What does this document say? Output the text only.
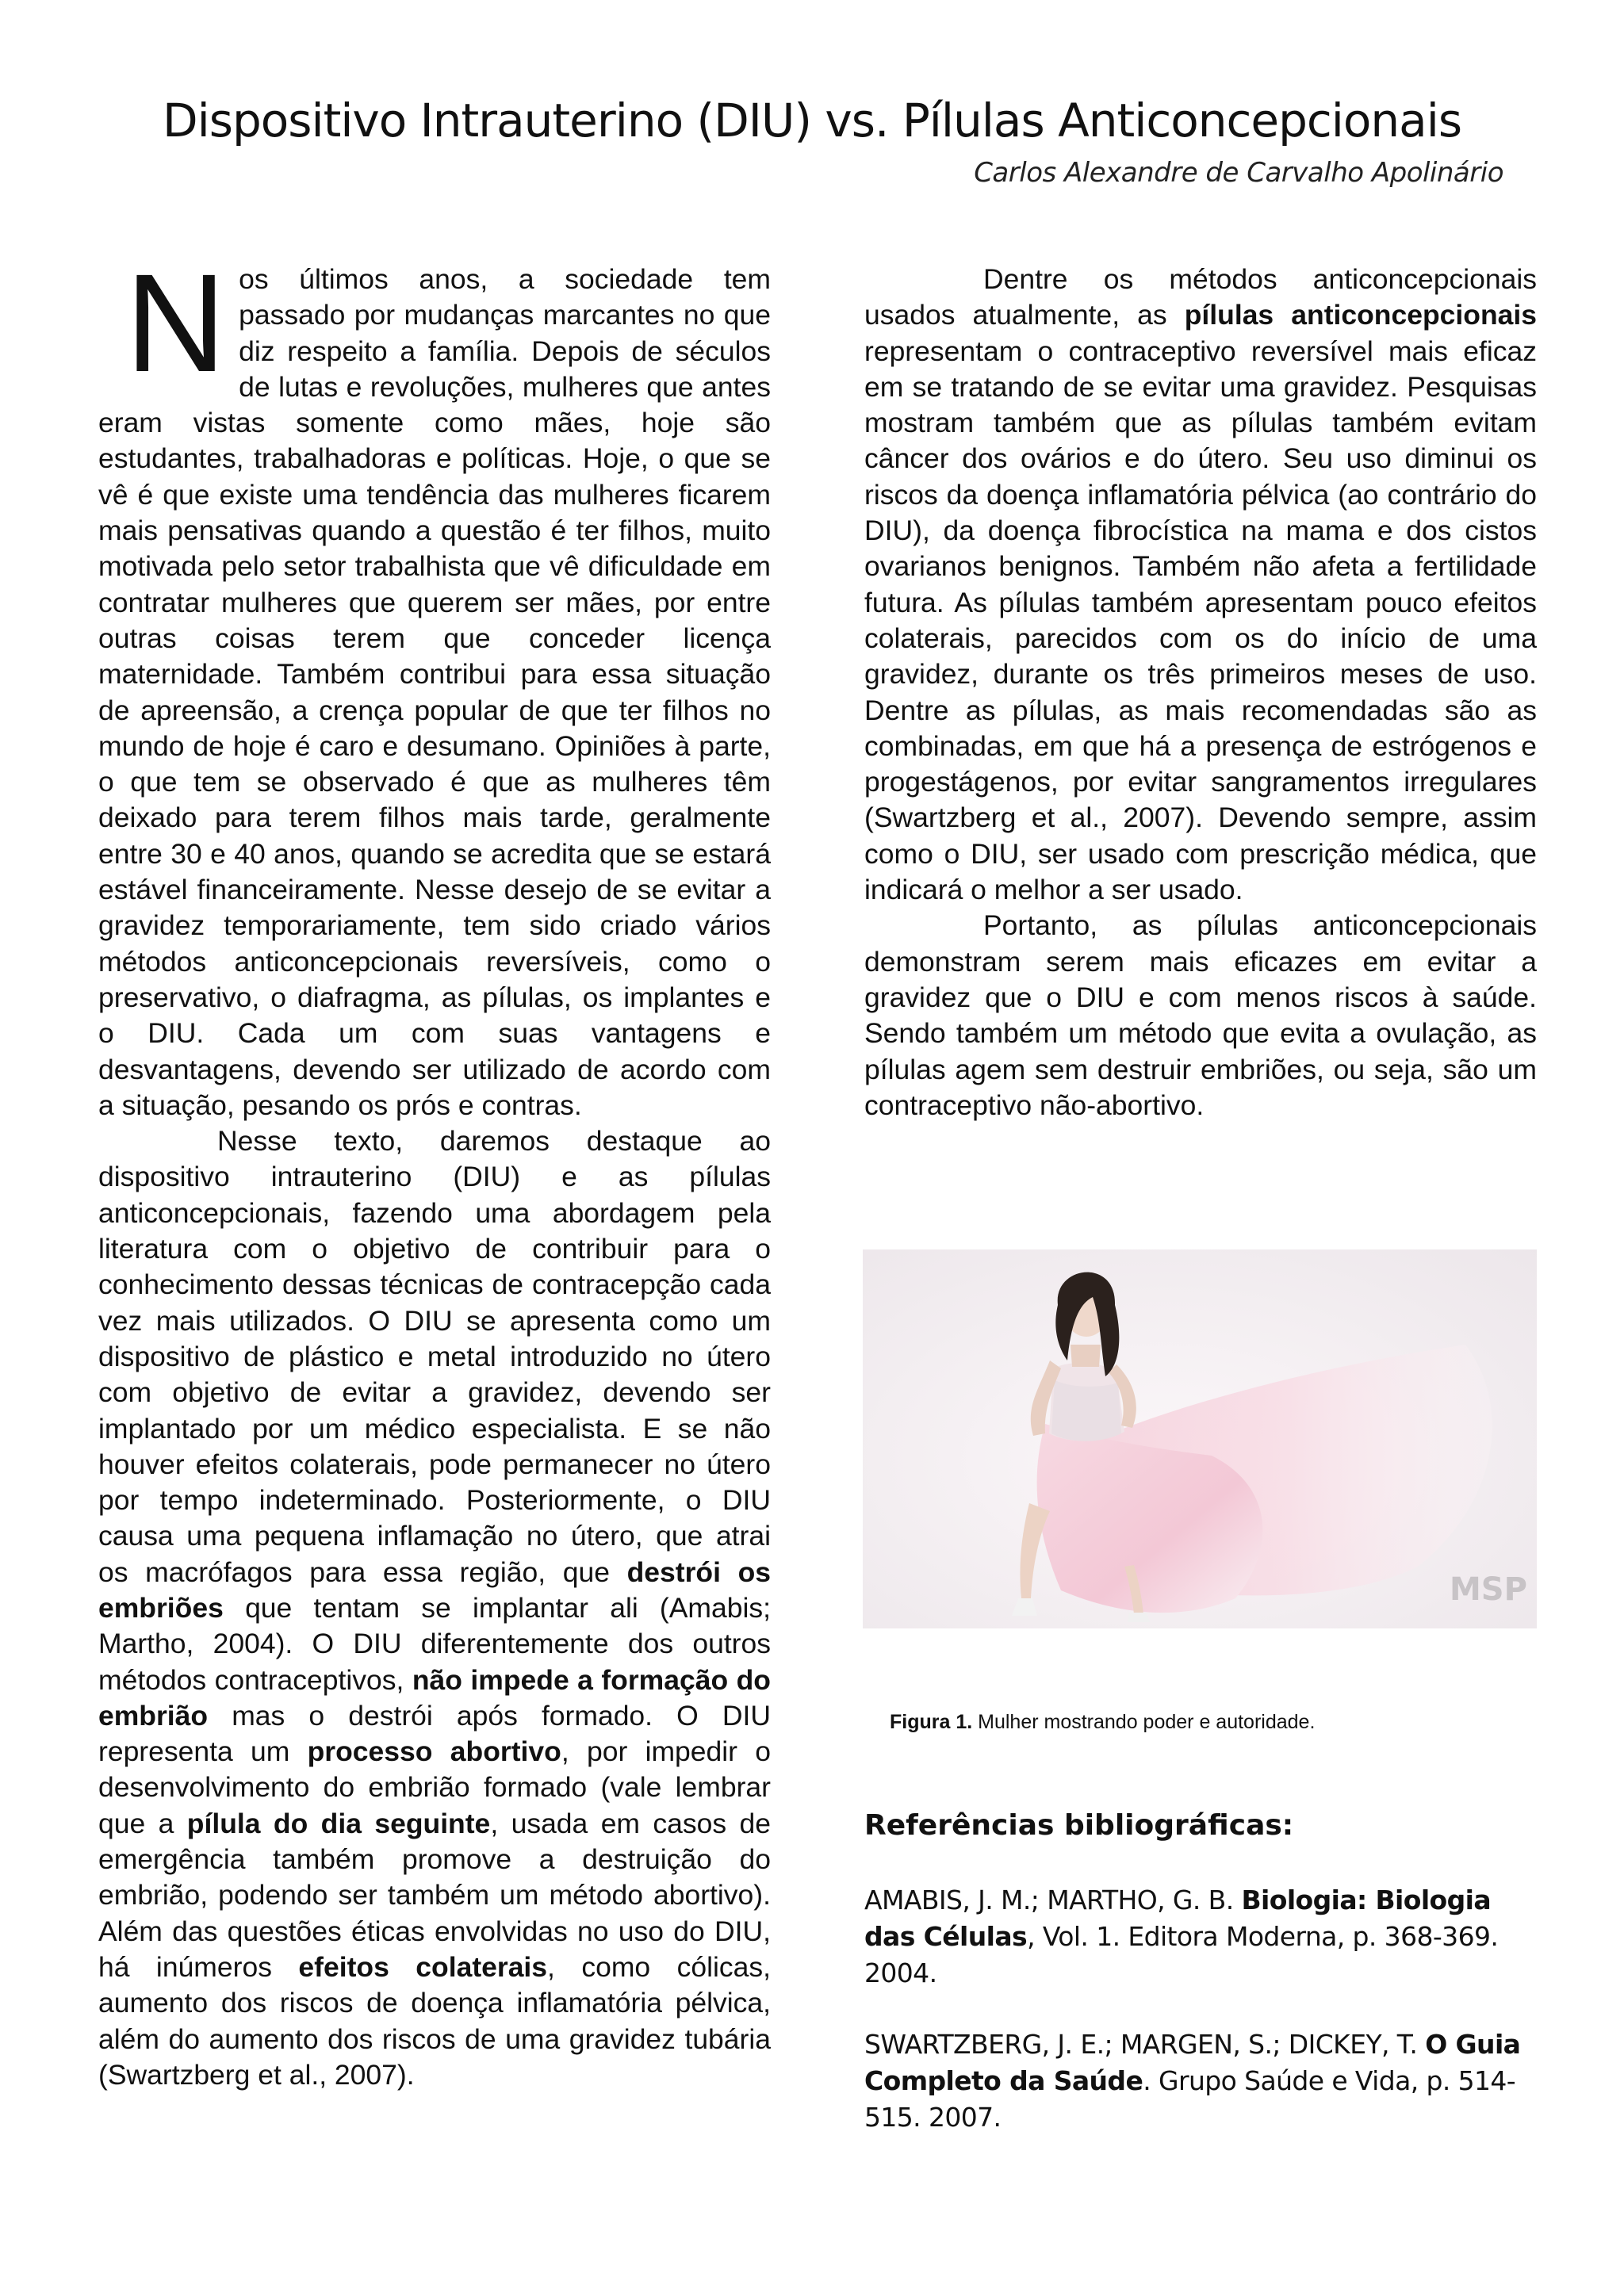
Dispositivo Intrauterino (DIU) vs. Pílulas Anticoncepcionais
Carlos Alexandre de Carvalho Apolinário

Nos últimos anos, a sociedade tem passado por mudanças marcantes no que diz respeito a família. Depois de séculos de lutas e revoluções, mulheres que antes eram vistas somente como mães, hoje são estudantes, trabalhadoras e políticas. Hoje, o que se vê é que existe uma tendência das mulheres ficarem mais pensativas quando a questão é ter filhos, muito motivada pelo setor trabalhista que vê dificuldade em contratar mulheres que querem ser mães, por entre outras coisas terem que conceder licença maternidade. Também contribui para essa situação de apreensão, a crença popular de que ter filhos no mundo de hoje é caro e desumano. Opiniões à parte, o que tem se observado é que as mulheres têm deixado para terem filhos mais tarde, geralmente entre 30 e 40 anos, quando se acredita que se estará estável financeiramente. Nesse desejo de se evitar a gravidez temporariamente, tem sido criado vários métodos anticoncepcionais reversíveis, como o preservativo, o diafragma, as pílulas, os implantes e o DIU. Cada um com suas vantagens e desvantagens, devendo ser utilizado de acordo com a situação, pesando os prós e contras.

Nesse texto, daremos destaque ao dispositivo intrauterino (DIU) e as pílulas anticoncepcionais, fazendo uma abordagem pela literatura com o objetivo de contribuir para o conhecimento dessas técnicas de contracepção cada vez mais utilizados. O DIU se apresenta como um dispositivo de plástico e metal introduzido no útero com objetivo de evitar a gravidez, devendo ser implantado por um médico especialista. E se não houver efeitos colaterais, pode permanecer no útero por tempo indeterminado. Posteriormente, o DIU causa uma pequena inflamação no útero, que atrai os macrófagos para essa região, que destrói os embriões que tentam se implantar ali (Amabis; Martho, 2004). O DIU diferentemente dos outros métodos contraceptivos, não impede a formação do embrião mas o destrói após formado. O DIU representa um processo abortivo, por impedir o desenvolvimento do embrião formado (vale lembrar que a pílula do dia seguinte, usada em casos de emergência também promove a destruição do embrião, podendo ser também um método abortivo). Além das questões éticas envolvidas no uso do DIU, há inúmeros efeitos colaterais, como cólicas, aumento dos riscos de doença inflamatória pélvica, além do aumento dos riscos de uma gravidez tubária (Swartzberg et al., 2007).

Dentre os métodos anticoncepcionais usados atualmente, as pílulas anticoncepcionais representam o contraceptivo reversível mais eficaz em se tratando de se evitar uma gravidez. Pesquisas mostram também que as pílulas também evitam câncer dos ovários e do útero. Seu uso diminui os riscos da doença inflamatória pélvica (ao contrário do DIU), da doença fibrocística na mama e dos cistos ovarianos benignos. Também não afeta a fertilidade futura. As pílulas também apresentam pouco efeitos colaterais, parecidos com os do início de uma gravidez, durante os três primeiros meses de uso. Dentre as pílulas, as mais recomendadas são as combinadas, em que há a presença de estrógenos e progestágenos, por evitar sangramentos irregulares (Swartzberg et al., 2007). Devendo sempre, assim como o DIU, ser usado com prescrição médica, que indicará o melhor a ser usado.

Portanto, as pílulas anticoncepcionais demonstram serem mais eficazes em evitar a gravidez que o DIU e com menos riscos à saúde. Sendo também um método que evita a ovulação, as pílulas agem sem destruir embriões, ou seja, são um contraceptivo não-abortivo.

MSP
Figura 1. Mulher mostrando poder e autoridade.
Referências bibliográficas:
AMABIS, J. M.; MARTHO, G. B. Biologia: Biologia das Células, Vol. 1. Editora Moderna, p. 368-369. 2004.
SWARTZBERG, J. E.; MARGEN, S.; DICKEY, T. O Guia Completo da Saúde. Grupo Saúde e Vida, p. 514-515. 2007.
